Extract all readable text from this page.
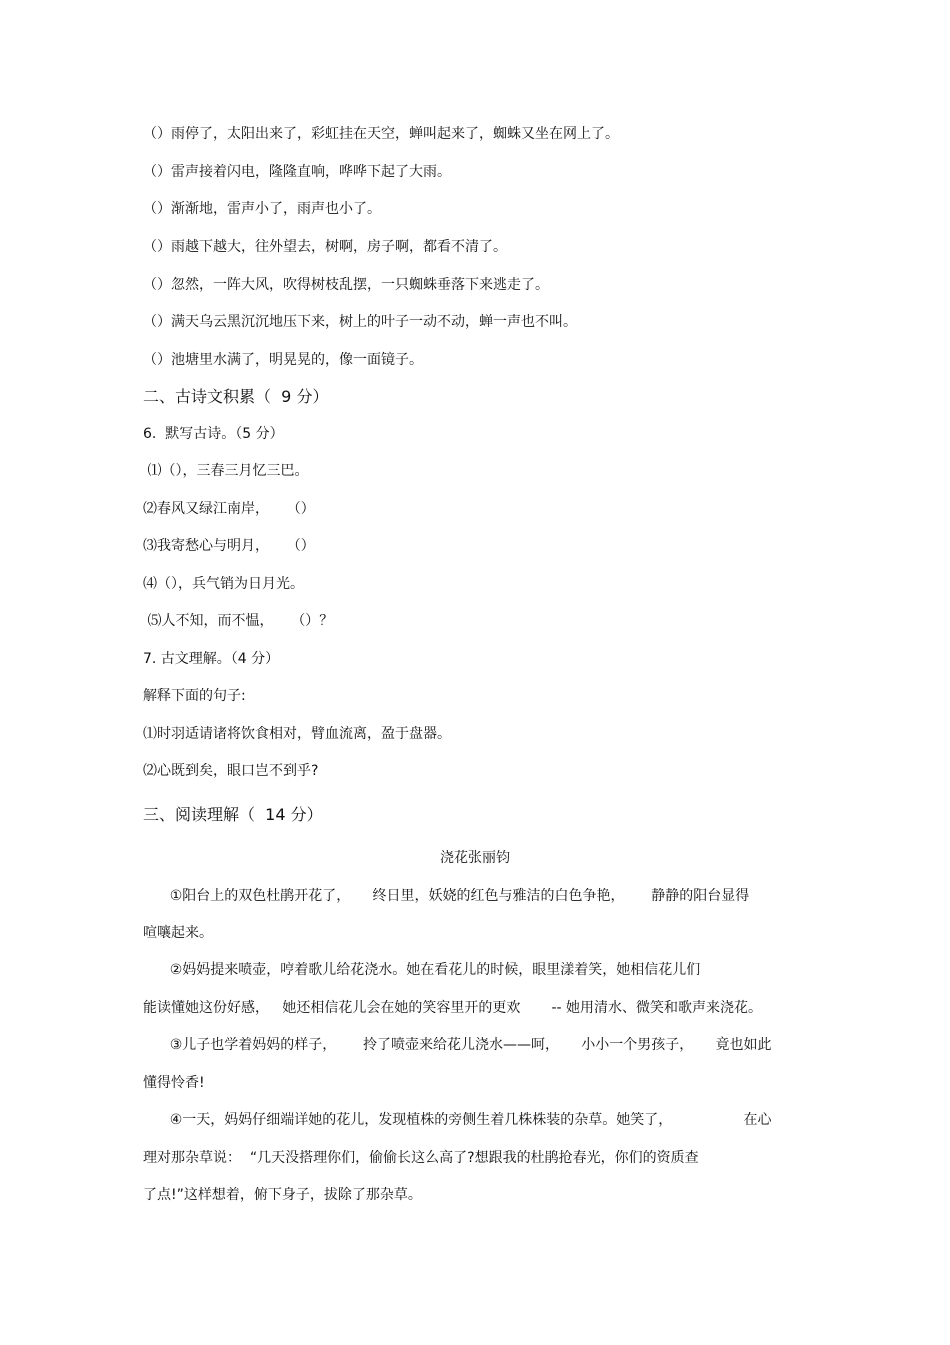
（）雨停了，太阳出来了，彩虹挂在天空，蝉叫起来了，蜘蛛又坐在网上了。
（）雷声接着闪电，隆隆直响，哗哗下起了大雨。
（）渐渐地，雷声小了，雨声也小了。
（）雨越下越大，往外望去，树啊，房子啊，都看不清了。
（）忽然，一阵大风，吹得树枝乱摆，一只蜘蛛垂落下来逃走了。
（）满天乌云黑沉沉地压下来，树上的叶子一动不动，蝉一声也不叫。
（）池塘里水满了，明晃晃的，像一面镜子。
二、古诗文积累（  9 分）
6.  默写古诗。（5 分）
⑴（），三春三月忆三巴。
⑵春风又绿江南岸，    （）
⑶我寄愁心与明月，    （）
⑷（），兵气销为日月光。
⑸人不知，而不愠，    （）？
7. 古文理解。（4 分）
解释下面的句子:
⑴时羽适请诸将饮食相对，臂血流离，盈于盘器。
⑵心既到矣，眼口岂不到乎?
三、阅读理解（  14 分）
浇花张丽钧
①阳台上的双色杜鹃开花了，     终日里，妖娆的红色与雅洁的白色争艳，      静静的阳台显得
喧嚷起来。
②妈妈提来喷壶，哼着歌儿给花浇水。她在看花儿的时候，眼里漾着笑，她相信花儿们
能读懂她这份好感，   她还相信花儿会在她的笑容里开的更欢       -- 她用清水、微笑和歌声来浇花。
③儿子也学着妈妈的样子，      拎了喷壶来给花儿浇水——呵，     小小一个男孩子，     竟也如此
懂得怜香!
④一天，妈妈仔细端详她的花儿，发现植株的旁侧生着几株株装的杂草。她笑了，                在心
理对那杂草说：  “几天没搭理你们，偷偷长这么高了?想跟我的杜鹃抢春光，你们的资质查
了点!”这样想着，俯下身子，拔除了那杂草。
